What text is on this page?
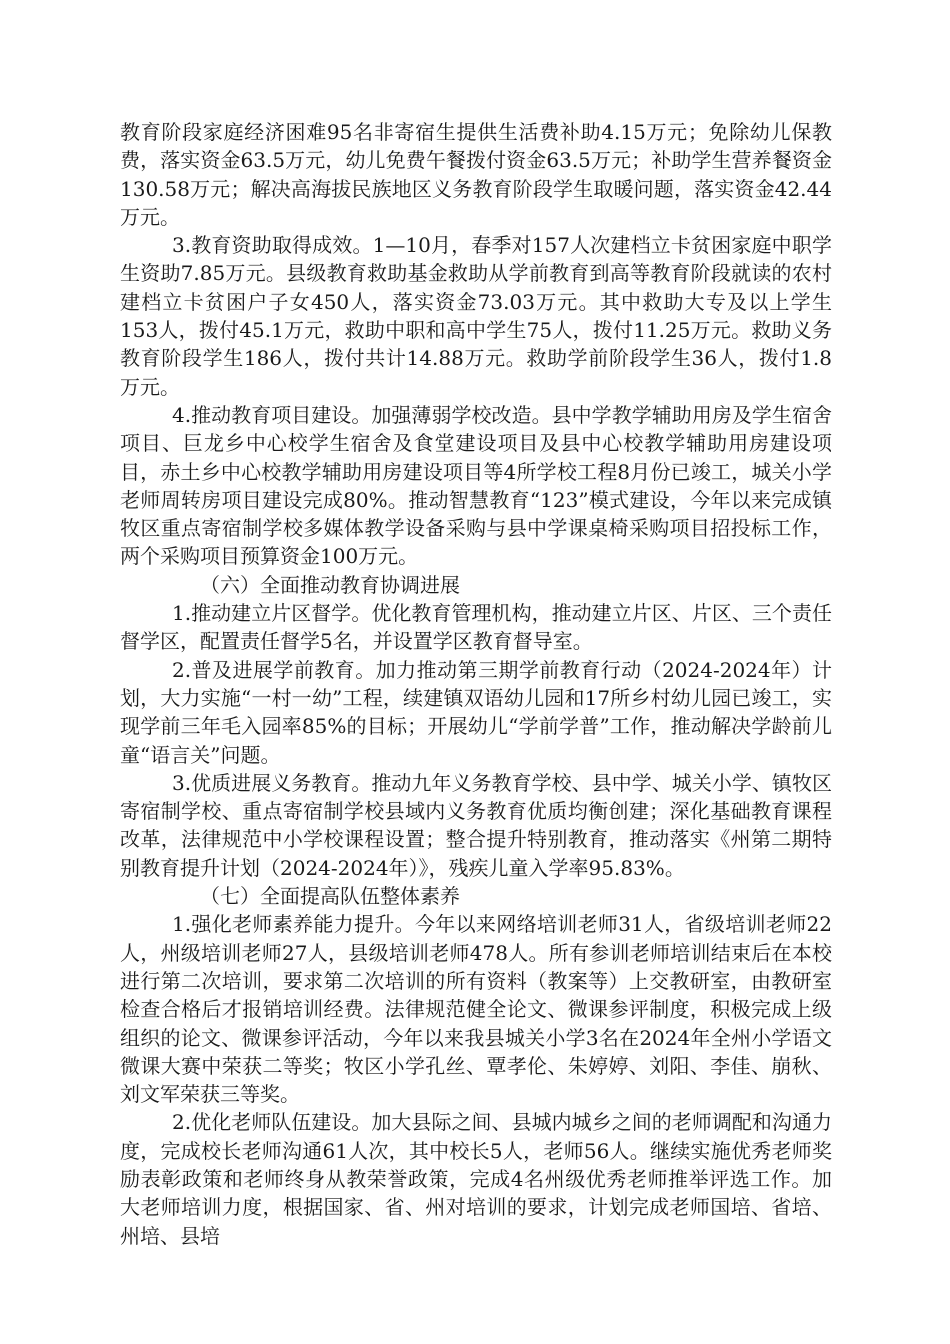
教育阶段家庭经济困难95名非寄宿生提供生活费补助4.15万元；免除幼儿保教费，落实资金63.5万元，幼儿免费午餐拨付资金63.5万元；补助学生营养餐资金130.58万元；解决高海拔民族地区义务教育阶段学生取暖问题，落实资金42.44万元。

3.教育资助取得成效。1—10月，春季对157人次建档立卡贫困家庭中职学生资助7.85万元。县级教育救助基金救助从学前教育到高等教育阶段就读的农村建档立卡贫困户子女450人，落实资金73.03万元。其中救助大专及以上学生153人，拨付45.1万元，救助中职和高中学生75人，拨付11.25万元。救助义务教育阶段学生186人，拨付共计14.88万元。救助学前阶段学生36人，拨付1.8万元。

4.推动教育项目建设。加强薄弱学校改造。县中学教学辅助用房及学生宿舍项目、巨龙乡中心校学生宿舍及食堂建设项目及县中心校教学辅助用房建设项目，赤土乡中心校教学辅助用房建设项目等4所学校工程8月份已竣工，城关小学老师周转房项目建设完成80%。推动智慧教育“123”模式建设，今年以来完成镇牧区重点寄宿制学校多媒体教学设备采购与县中学课桌椅采购项目招投标工作，两个采购项目预算资金100万元。

（六）全面推动教育协调进展

1.推动建立片区督学。优化教育管理机构，推动建立片区、片区、三个责任督学区，配置责任督学5名，并设置学区教育督导室。

2.普及进展学前教育。加力推动第三期学前教育行动（2024-2024年）计划，大力实施“一村一幼”工程，续建镇双语幼儿园和17所乡村幼儿园已竣工，实现学前三年毛入园率85%的目标；开展幼儿“学前学普”工作，推动解决学龄前儿童“语言关”问题。

3.优质进展义务教育。推动九年义务教育学校、县中学、城关小学、镇牧区寄宿制学校、重点寄宿制学校县域内义务教育优质均衡创建；深化基础教育课程改革，法律规范中小学校课程设置；整合提升特别教育，推动落实《州第二期特别教育提升计划（2024-2024年）》，残疾儿童入学率95.83%。

（七）全面提高队伍整体素养

1.强化老师素养能力提升。今年以来网络培训老师31人，省级培训老师22人，州级培训老师27人，县级培训老师478人。所有参训老师培训结束后在本校进行第二次培训，要求第二次培训的所有资料（教案等）上交教研室，由教研室检查合格后才报销培训经费。法律规范健全论文、微课参评制度，积极完成上级组织的论文、微课参评活动，今年以来我县城关小学3名在2024年全州小学语文微课大赛中荣获二等奖；牧区小学孔丝、覃孝伦、朱婷婷、刘阳、李佳、崩秋、刘文军荣获三等奖。

2.优化老师队伍建设。加大县际之间、县城内城乡之间的老师调配和沟通力度，完成校长老师沟通61人次，其中校长5人，老师56人。继续实施优秀老师奖励表彰政策和老师终身从教荣誉政策，完成4名州级优秀老师推举评选工作。加大老师培训力度，根据国家、省、州对培训的要求，计划完成老师国培、省培、州培、县培
